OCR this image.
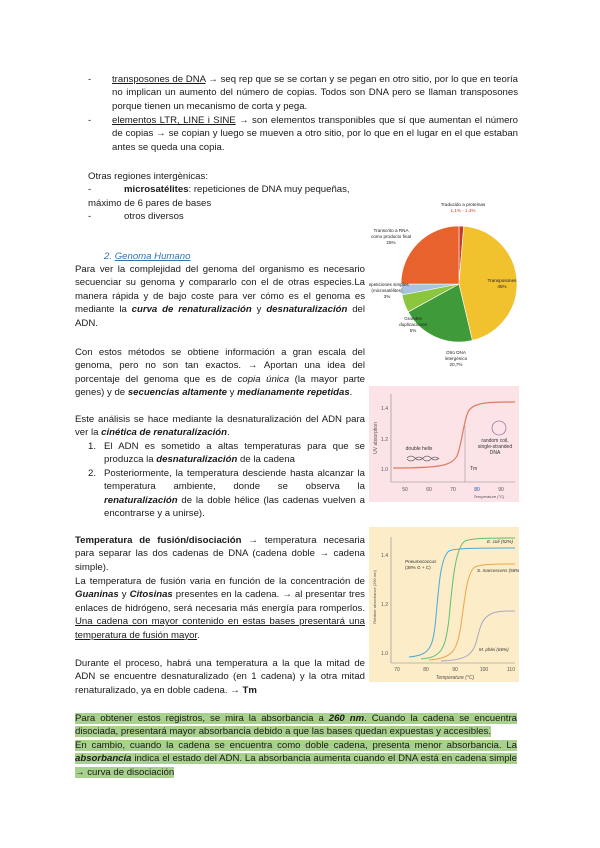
-	transposones de DNA → seq rep que se se cortan y se pegan en otro sitio, por lo que en teoría no implican un aumento del número de copias. Todos son DNA pero se llaman transposones porque tienen un mecanismo de corta y pega.
-	elementos LTR, LINE i SINE → son elementos transponibles que sí que aumentan el número de copias → se copian y luego se mueven a otro sitio, por lo que en el lugar en el que estaban antes se queda una copia.
Otras regiones intergènicas:
-	microsatélites: repeticiones de DNA muy pequeñas,
máximo de 6 pares de bases
-	otros diversos
2. Genoma Humano
Para ver la complejidad del genoma del organismo es necesario secuenciar su genoma y compararlo con el de otras especies.La manera rápida y de bajo coste para ver cómo es el genoma es mediante la curva de renaturalización y desnaturalización del ADN.
Con estos métodos se obtiene información a gran escala del genoma, pero no son tan exactos. → Aportan una idea del porcentaje del genoma que es de copia única (la mayor parte genes) y de secuencias altamente y medianamente repetidas.
Este análisis se hace mediante la desnaturalización del ADN para ver la cinética de renaturalización.
1. El ADN es sometido a altas temperaturas para que se produzca la desnaturalización de la cadena
2. Posteriormente, la temperatura desciende hasta alcanzar la temperatura ambiente, donde se observa la renaturalización de la doble hélice (las cadenas vuelven a encontrarse y a unirse).
Temperatura de fusión/disociación → temperatura necesaria para separar las dos cadenas de DNA (cadena doble → cadena simple).
La temperatura de fusión varia en función de la concentración de Guaninas y Citosinas presentes en la cadena. → al presentar tres enlaces de hidrógeno, será necesaria más energía para romperlos. Una cadena con mayor contenido en estas bases presentará una temperatura de fusión mayor.
Durante el proceso, habrá una temperatura a la que la mitad de ADN se encuentre desnaturalizado (en 1 cadena) y la otra mitad renaturalizado, ya en doble cadena. → Tm
Para obtener estos registros, se mira la absorbancia a 260 nm. Cuando la cadena se encuentra disociada, presentará mayor absorbancia debido a que las bases quedan expuestas y accesibles.
En cambio, cuando la cadena se encuentra como doble cadena, presenta menor absorbancia. La absorbancia indica el estado del ADN. La absorbancia aumenta cuando el DNA está en cadena simple → curva de disociación
Traducido a proteínas
1,1% - 1,4%
Transcrito a RNA
como producto final
25%
Repeticiones simples
(microsatélites)
3%
Grandes
duplicaciones
5%
Otro DNA
intergénico
20,7%
Transposones
45%
1.4
1.2
1.0
50	60	70	80	90
Temperature (°C)
UV absorption	double helix
random coil,
single-stranded
DNA
Tm
1.4
1.2
1.0
70	80	90	100	110
Temperature (°C)
Relative absorbance (260 nm)
Pneumococcus
(38% G + C)
E. coli (52%)
S. marcescens (58%)
M. phlei (66%)
